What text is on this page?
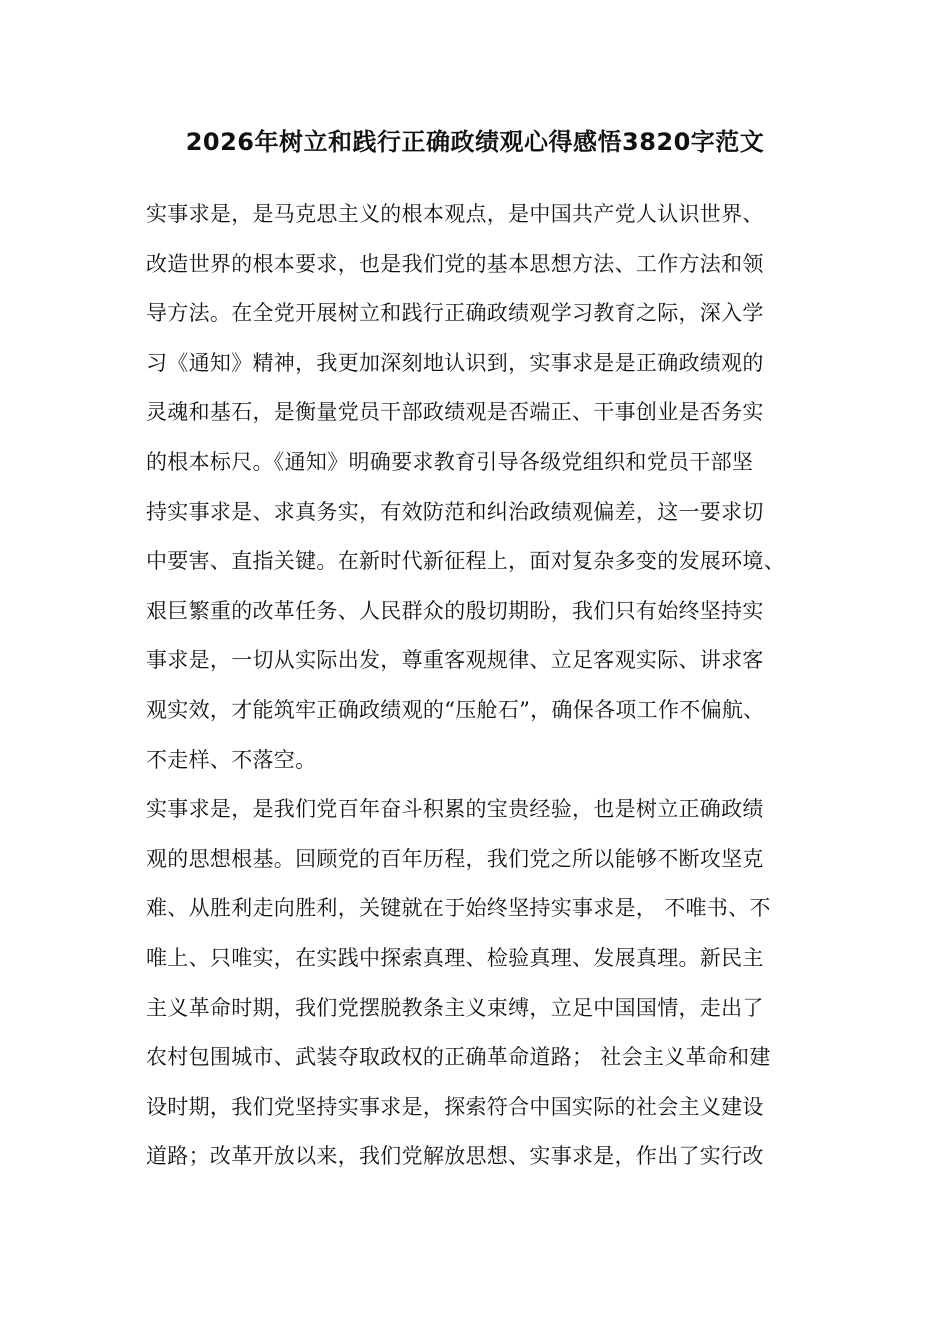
2026年树立和践行正确政绩观心得感悟3820字范文
实事求是，是马克思主义的根本观点，是中国共产党人认识世界、
改造世界的根本要求，也是我们党的基本思想方法、工作方法和领
导方法。在全党开展树立和践行正确政绩观学习教育之际，深入学
习《通知》精神，我更加深刻地认识到，实事求是是正确政绩观的
灵魂和基石，是衡量党员干部政绩观是否端正、干事创业是否务实
的根本标尺。《通知》明确要求教育引导各级党组织和党员干部坚
持实事求是、求真务实，有效防范和纠治政绩观偏差，这一要求切
中要害、直指关键。在新时代新征程上，面对复杂多变的发展环境、
艰巨繁重的改革任务、人民群众的殷切期盼，我们只有始终坚持实
事求是，一切从实际出发，尊重客观规律、立足客观实际、讲求客
观实效，才能筑牢正确政绩观的“压舱石”，确保各项工作不偏航、
不走样、不落空。
实事求是，是我们党百年奋斗积累的宝贵经验，也是树立正确政绩
观的思想根基。回顾党的百年历程，我们党之所以能够不断攻坚克
难、从胜利走向胜利，关键就在于始终坚持实事求是， 不唯书、不
唯上、只唯实，在实践中探索真理、检验真理、发展真理。新民主
主义革命时期，我们党摆脱教条主义束缚，立足中国国情，走出了
农村包围城市、武装夺取政权的正确革命道路； 社会主义革命和建
设时期，我们党坚持实事求是，探索符合中国实际的社会主义建设
道路；改革开放以来，我们党解放思想、实事求是，作出了实行改
